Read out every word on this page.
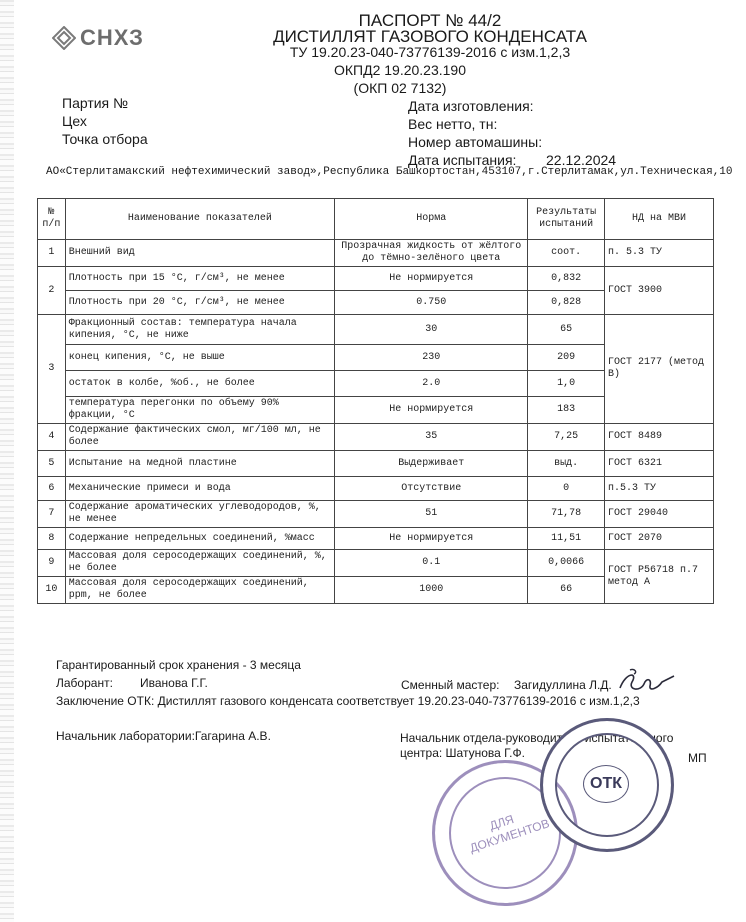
СНХЗ
ПАСПОРТ № 44/2
ДИСТИЛЛЯТ ГАЗОВОГО КОНДЕНСАТА
ТУ 19.20.23-040-73776139-2016 с изм.1,2,3
ОКПД2 19.20.23.190
(ОКП 02 7132)
Партия №
Цех
Точка отбора
Дата изготовления:
Вес нетто, тн:
Номер автомашины:
Дата испытания: 22.12.2024
АО«Стерлитамакский нефтехимический завод»,Республика Башкортостан,453107,г.Стерлитамак,ул.Техническая,10
№
п/п	Наименование показателей	Норма	Результаты испытаний	НД на МВИ
1	Внешний вид	Прозрачная жидкость от жёлтого до тёмно-зелёного цвета	соот.	п. 5.3 ТУ
2	Плотность при 15 °С, г/см³, не менее	Не нормируется	0,832	ГОСТ 3900
	Плотность при 20 °С, г/см³, не менее	0.750	0,828	
3	Фракционный состав: температура начала кипения, °С, не ниже	30	65	ГОСТ 2177 (метод В)
	конец кипения, °С, не выше	230	209	
	остаток в колбе, %об., не более	2.0	1,0	
	температура перегонки по объему 90% фракции, °С	Не нормируется	183	
4	Содержание фактических смол, мг/100 мл, не более	35	7,25	ГОСТ 8489
5	Испытание на медной пластине	Выдерживает	выд.	ГОСТ 6321
6	Механические примеси и вода	Отсутствие	0	п.5.3 ТУ
7	Содержание ароматических углеводородов, %, не менее	51	71,78	ГОСТ 29040
8	Содержание непредельных соединений, %масс	Не нормируется	11,51	ГОСТ 2070
9	Массовая доля серосодержащих соединений, %, не более	0.1	0,0066	ГОСТ Р56718 п.7 метод А
10	Массовая доля серосодержащих соединений, ppm, не более	1000	66	
Гарантированный срок хранения - 3 месяца
Лаборант: Иванова Г.Г.	Сменный мастер: Загидуллина Л.Д.
Заключение ОТК: Дистиллят газового конденсата соответствует 19.20.23-040-73776139-2016 с изм.1,2,3
Начальник лаборатории:Гагарина А.В.	Начальник отдела-руководитель испытательного
центра: Шатунова Г.Ф.	МП
ДЛЯ ДОКУМЕНТОВ
ОТК
